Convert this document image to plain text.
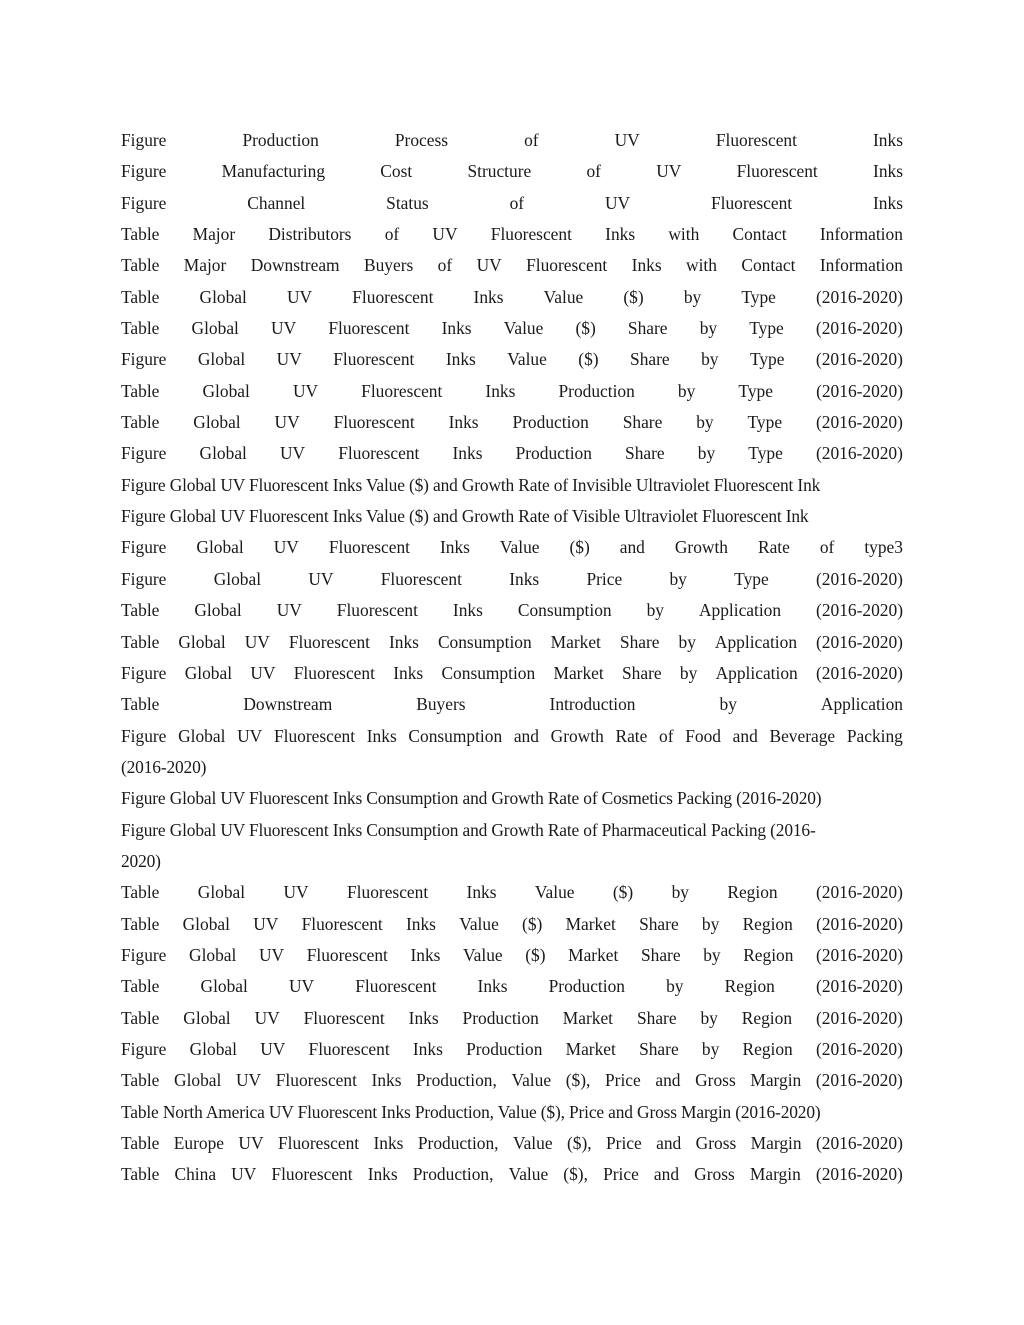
Figure	Production	Process	of	UV	Fluorescent	Inks
Figure	Manufacturing	Cost	Structure	of	UV	Fluorescent	Inks
Figure	Channel	Status	of	UV	Fluorescent	Inks
Table Major Distributors of UV Fluorescent Inks with Contact Information
Table Major Downstream Buyers of UV Fluorescent Inks with Contact Information
Table Global UV Fluorescent Inks Value ($) by Type (2016-2020)
Table Global UV Fluorescent Inks Value ($) Share by Type (2016-2020)
Figure Global UV Fluorescent Inks Value ($) Share by Type (2016-2020)
Table Global UV Fluorescent Inks Production by Type (2016-2020)
Table Global UV Fluorescent Inks Production Share by Type (2016-2020)
Figure Global UV Fluorescent Inks Production Share by Type (2016-2020)
Figure Global UV Fluorescent Inks Value ($) and Growth Rate of Invisible Ultraviolet Fluorescent Ink
Figure Global UV Fluorescent Inks Value ($) and Growth Rate of Visible Ultraviolet Fluorescent Ink
Figure Global UV Fluorescent Inks Value ($) and Growth Rate of type3
Figure	Global	UV	Fluorescent	Inks	Price	by	Type	(2016-2020)
Table Global UV Fluorescent Inks Consumption by Application (2016-2020)
Table Global UV Fluorescent Inks Consumption Market Share by Application (2016-2020)
Figure Global UV Fluorescent Inks Consumption Market Share by Application (2016-2020)
Table	Downstream	Buyers	Introduction	by	Application
Figure Global UV Fluorescent Inks Consumption and Growth Rate of Food and Beverage Packing
(2016-2020)
Figure Global UV Fluorescent Inks Consumption and Growth Rate of Cosmetics Packing (2016-2020)
Figure Global UV Fluorescent Inks Consumption and Growth Rate of Pharmaceutical Packing (2016-
2020)
Table Global UV Fluorescent Inks Value ($) by Region (2016-2020)
Table Global UV Fluorescent Inks Value ($) Market Share by Region (2016-2020)
Figure Global UV Fluorescent Inks Value ($) Market Share by Region (2016-2020)
Table Global UV Fluorescent Inks Production by Region (2016-2020)
Table Global UV Fluorescent Inks Production Market Share by Region (2016-2020)
Figure Global UV Fluorescent Inks Production Market Share by Region (2016-2020)
Table Global UV Fluorescent Inks Production, Value ($), Price and Gross Margin (2016-2020)
Table North America UV Fluorescent Inks Production, Value ($), Price and Gross Margin (2016-2020)
Table Europe UV Fluorescent Inks Production, Value ($), Price and Gross Margin (2016-2020)
Table China UV Fluorescent Inks Production, Value ($), Price and Gross Margin (2016-2020)
